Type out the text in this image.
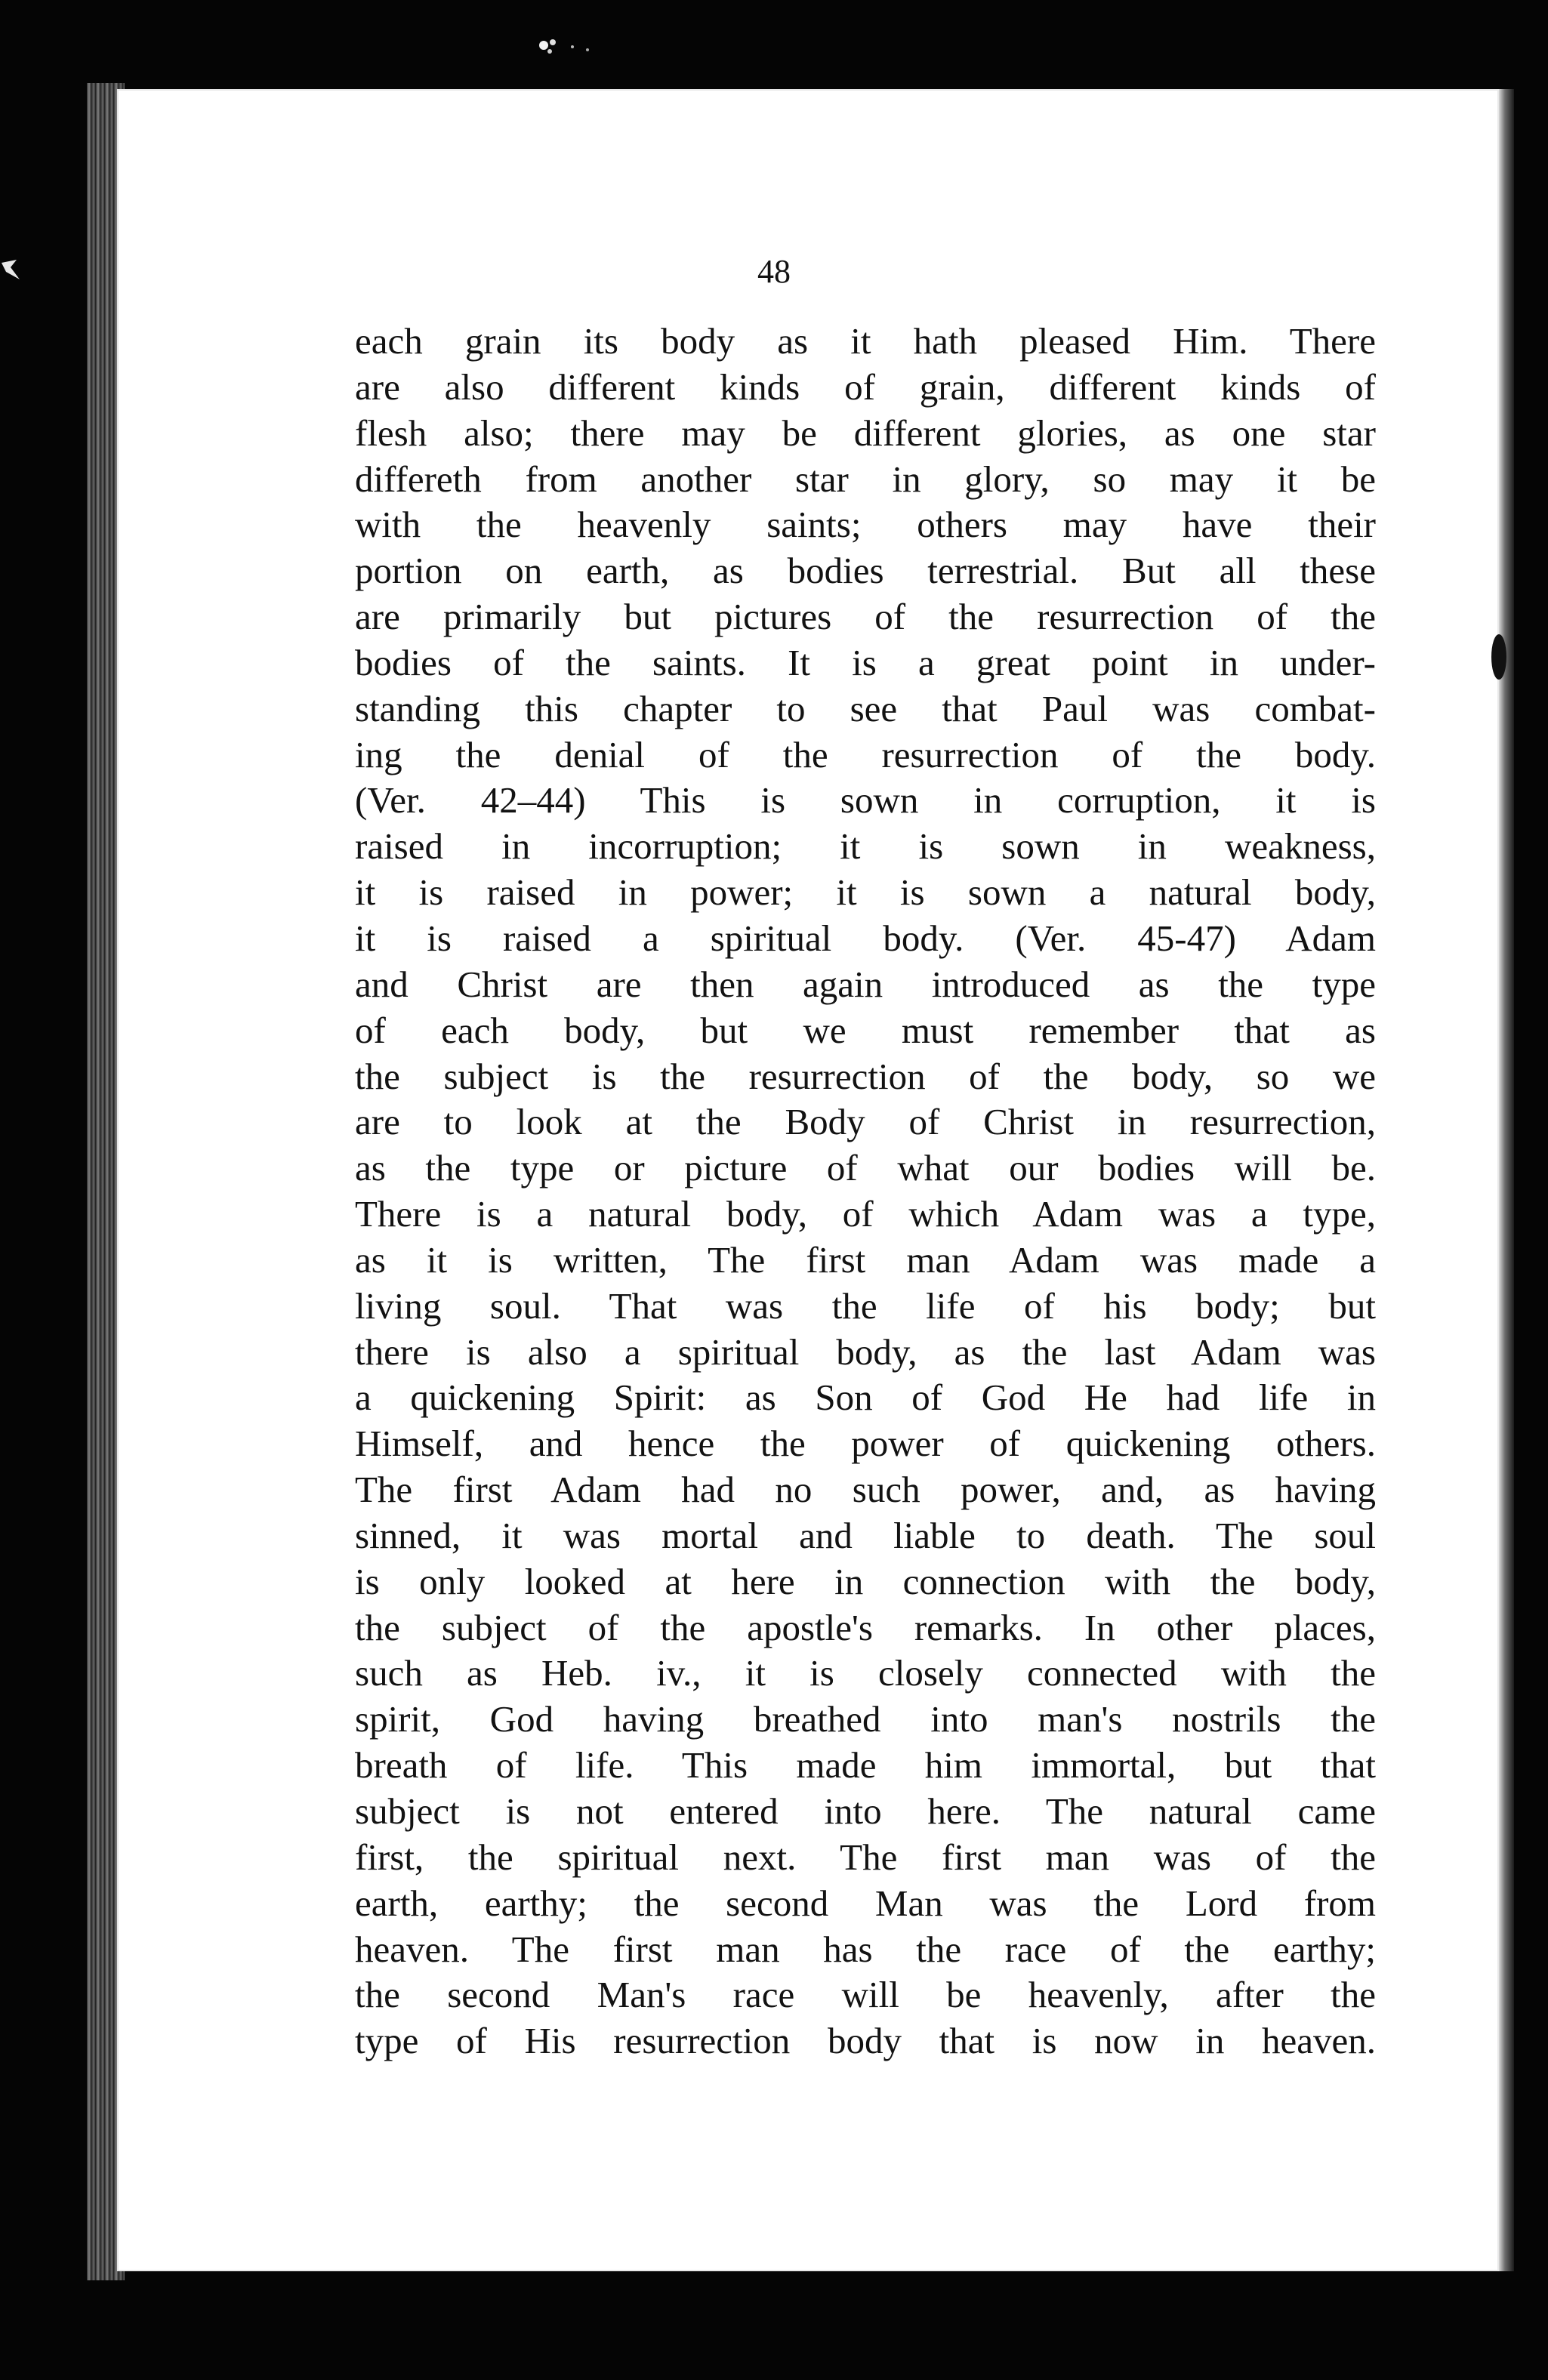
48
each grain its body as it hath pleased Him. There
are also different kinds of grain, different kinds of
flesh also; there may be different glories, as one star
differeth from another star in glory, so may it be
with the heavenly saints; others may have their
portion on earth, as bodies terrestrial. But all these
are primarily but pictures of the resurrection of the
bodies of the saints. It is a great point in under-
standing this chapter to see that Paul was combat-
ing the denial of the resurrection of the body.
(Ver. 42–44) This is sown in corruption, it is
raised in incorruption; it is sown in weakness,
it is raised in power; it is sown a natural body,
it is raised a spiritual body. (Ver. 45-47) Adam
and Christ are then again introduced as the type
of each body, but we must remember that as
the subject is the resurrection of the body, so we
are to look at the Body of Christ in resurrection,
as the type or picture of what our bodies will be.
There is a natural body, of which Adam was a type,
as it is written, The first man Adam was made a
living soul. That was the life of his body; but
there is also a spiritual body, as the last Adam was
a quickening Spirit: as Son of God He had life in
Himself, and hence the power of quickening others.
The first Adam had no such power, and, as having
sinned, it was mortal and liable to death. The soul
is only looked at here in connection with the body,
the subject of the apostle's remarks. In other places,
such as Heb. iv., it is closely connected with the
spirit, God having breathed into man's nostrils the
breath of life. This made him immortal, but that
subject is not entered into here. The natural came
first, the spiritual next. The first man was of the
earth, earthy; the second Man was the Lord from
heaven. The first man has the race of the earthy;
the second Man's race will be heavenly, after the
type of His resurrection body that is now in heaven.
